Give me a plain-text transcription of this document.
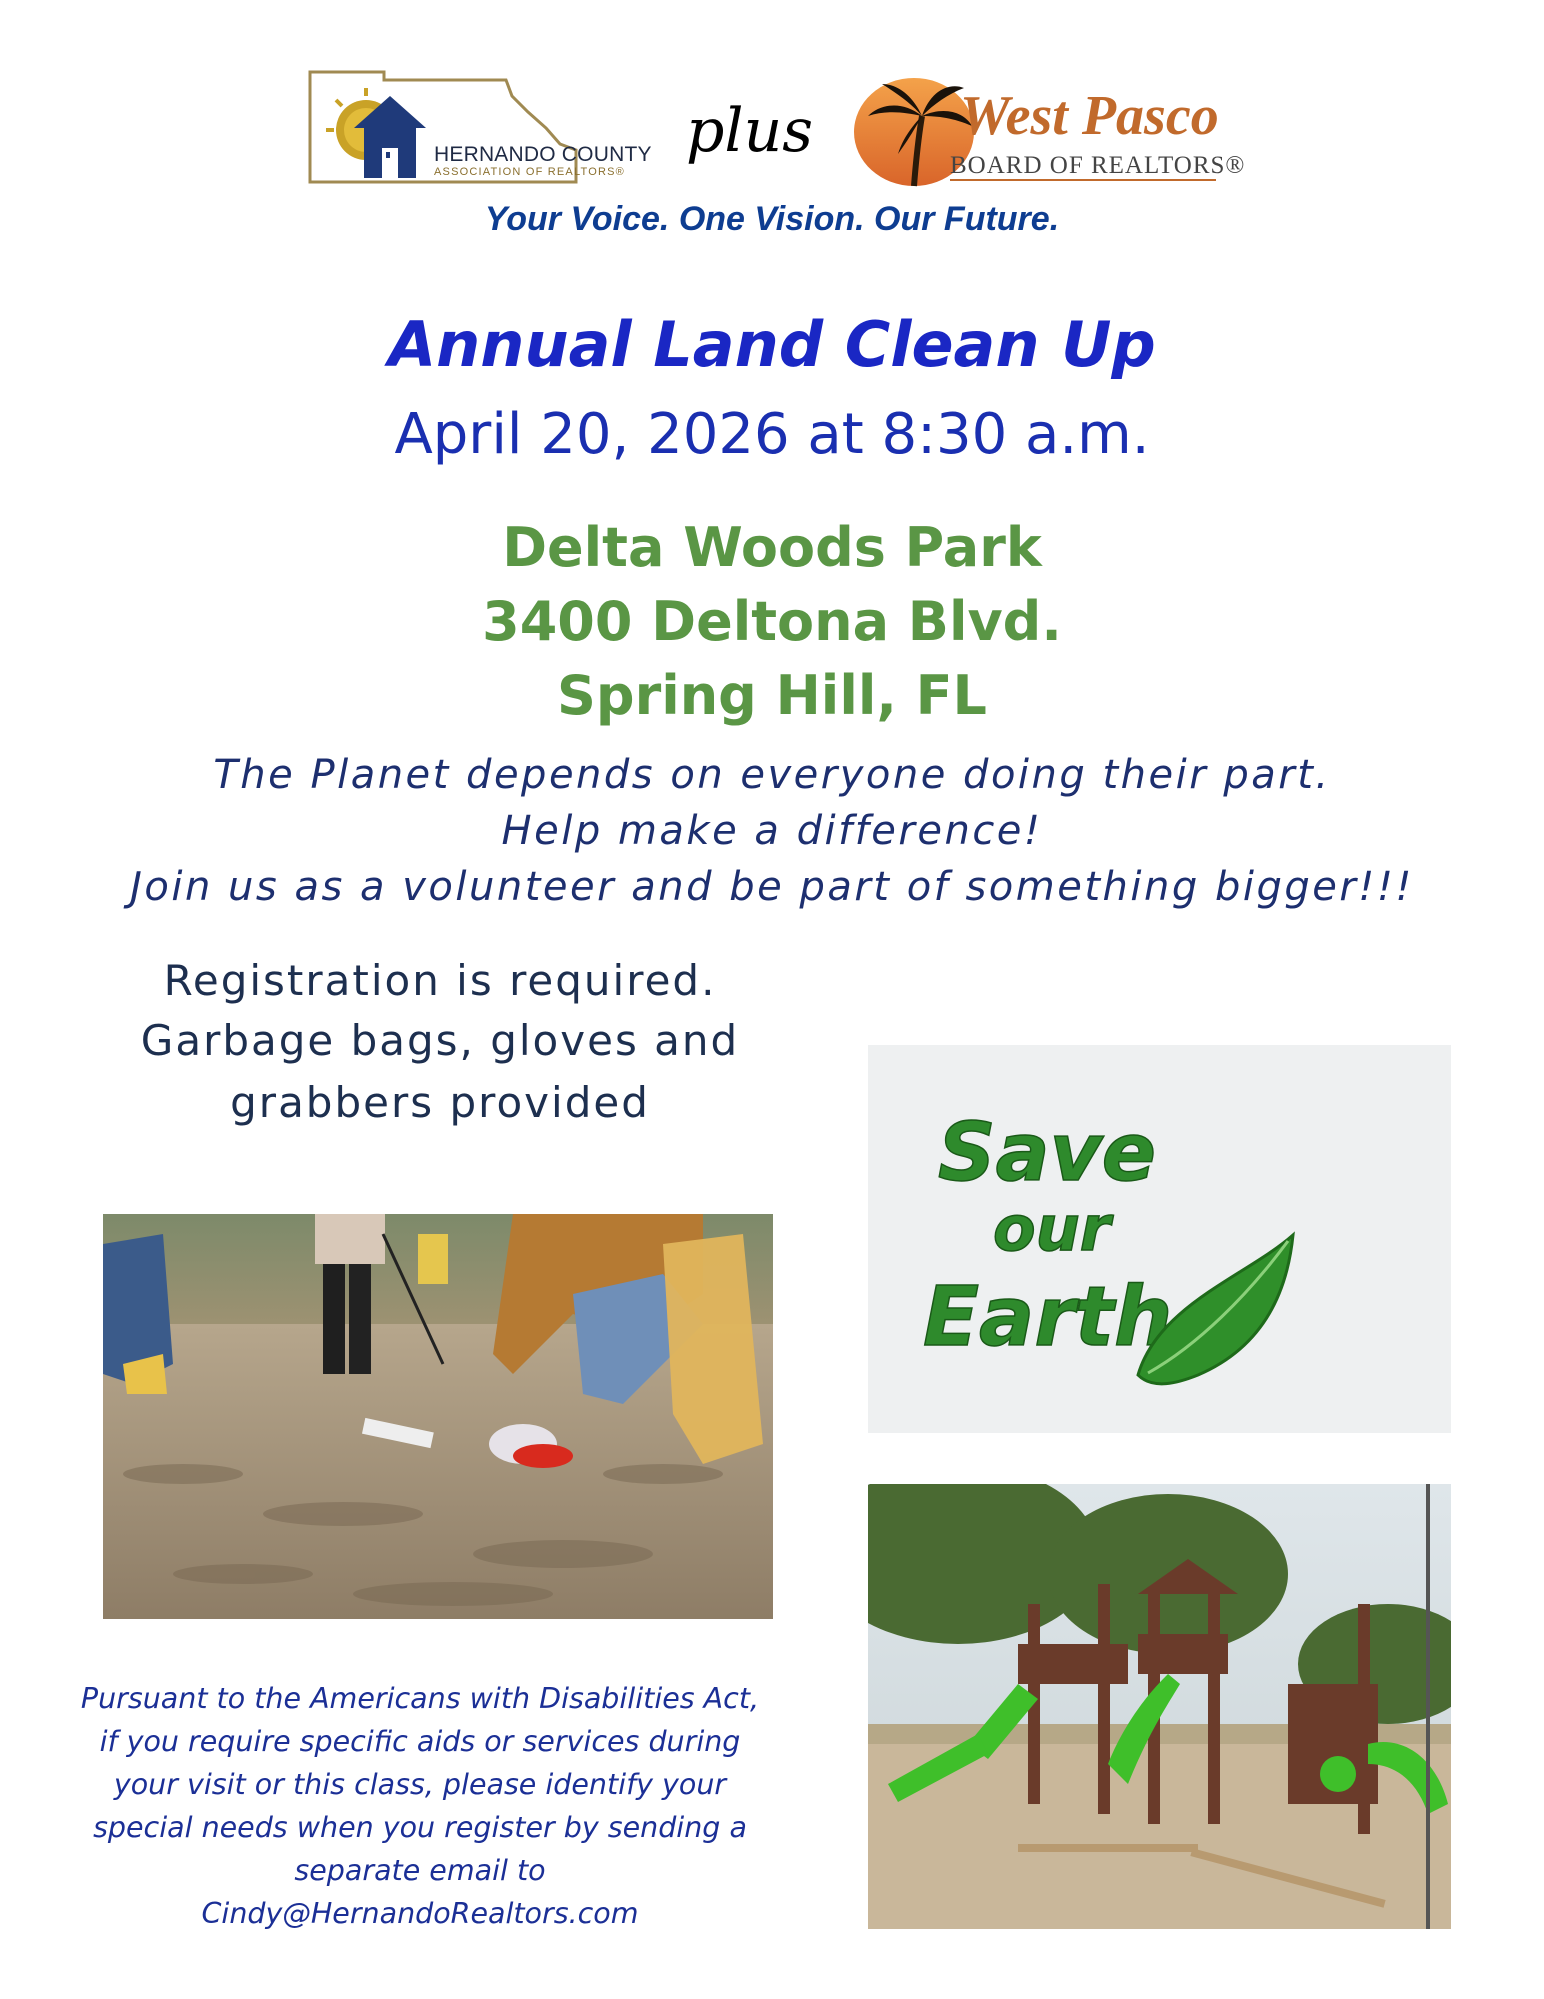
HERNANDO COUNTY
ASSOCIATION OF REALTORS®
plus	West Pasco
BOARD OF REALTORS®
Your Voice. One Vision. Our Future.
Annual Land Clean Up
April 20, 2026 at 8:30 a.m.
Delta Woods Park
3400 Deltona Blvd.
Spring Hill, FL
The Planet depends on everyone doing their part.
Help make a difference!
Join us as a volunteer and be part of something bigger!!!
Registration is required.
Garbage bags, gloves and
grabbers provided
Save
our
Earth
Pursuant to the Americans with Disabilities Act,
if you require specific aids or services during
your visit or this class, please identify your
special needs when you register by sending a
separate email to
Cindy@HernandoRealtors.com
